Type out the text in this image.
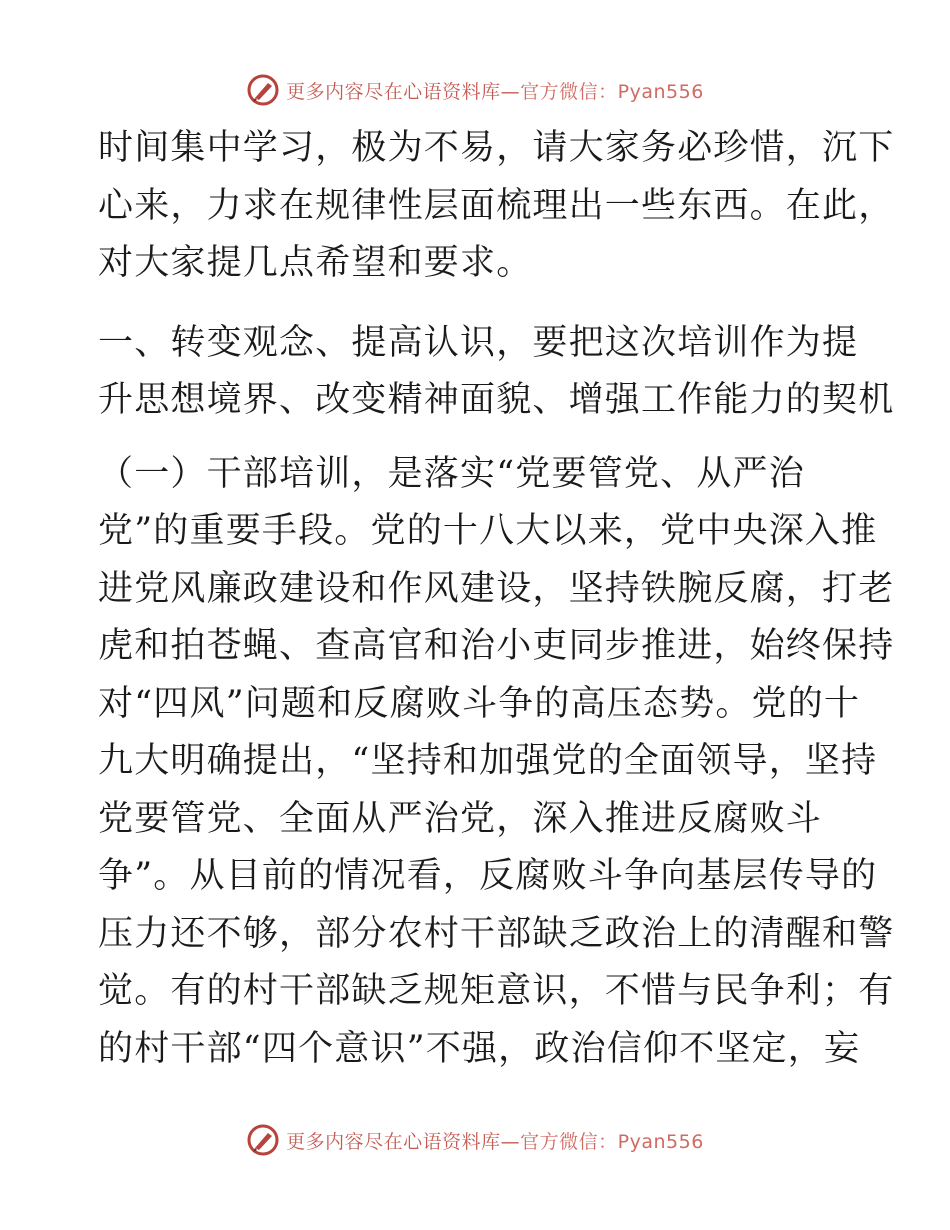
更多内容尽在心语资料库—官方微信：Pyan556
时间集中学习，极为不易，请大家务必珍惜，沉下
心来，力求在规律性层面梳理出一些东西。在此，
对大家提几点希望和要求。
一、转变观念、提高认识，要把这次培训作为提
升思想境界、改变精神面貌、增强工作能力的契机
（一）干部培训，是落实“党要管党、从严治
党”的重要手段。党的十八大以来，党中央深入推
进党风廉政建设和作风建设，坚持铁腕反腐，打老
虎和拍苍蝇、查高官和治小吏同步推进，始终保持
对“四风”问题和反腐败斗争的高压态势。党的十
九大明确提出，“坚持和加强党的全面领导，坚持
党要管党、全面从严治党，深入推进反腐败斗
争”。从目前的情况看，反腐败斗争向基层传导的
压力还不够，部分农村干部缺乏政治上的清醒和警
觉。有的村干部缺乏规矩意识，不惜与民争利；有
的村干部“四个意识”不强，政治信仰不坚定，妄
更多内容尽在心语资料库—官方微信：Pyan556
